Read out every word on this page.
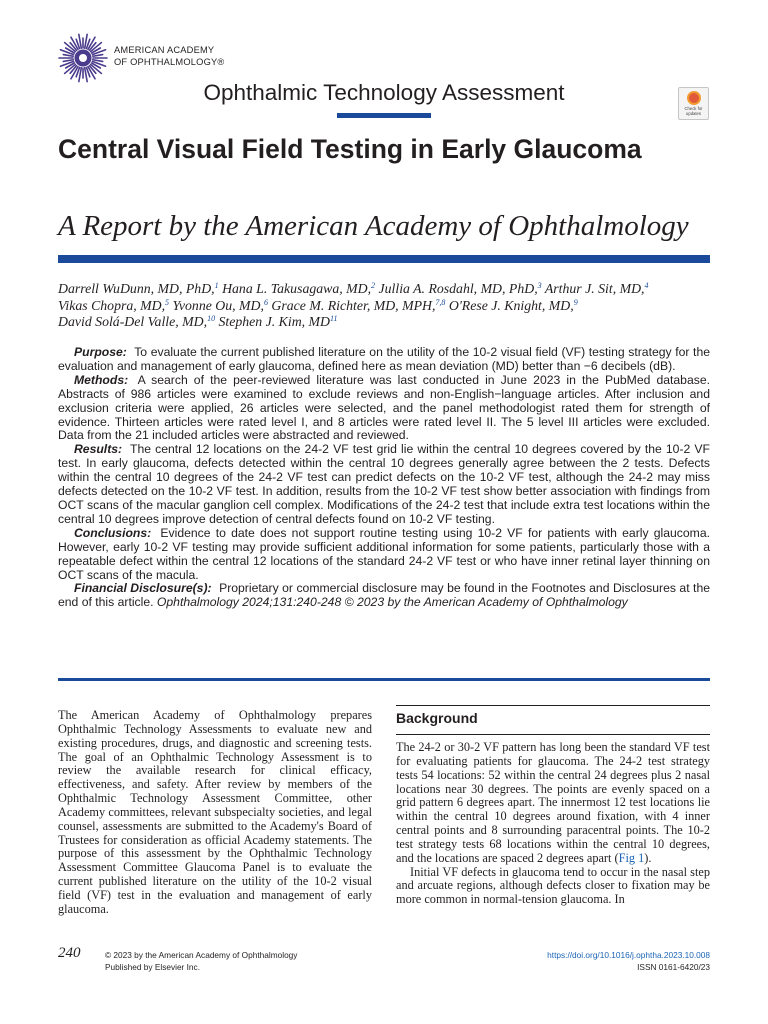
AMERICAN ACADEMY
OF OPHTHALMOLOGY®
Ophthalmic Technology Assessment
Check for updates
Central Visual Field Testing in Early Glaucoma
A Report by the American Academy of Ophthalmology
Darrell WuDunn, MD, PhD,$^1$ Hana L. Takusagawa, MD,$^2$ Jullia A. Rosdahl, MD, PhD,$^3$ Arthur J. Sit, MD,$^4$
Vikas Chopra, MD,$^5$ Yvonne Ou, MD,$^6$ Grace M. Richter, MD, MPH,$^{7,8}$ O'Rese J. Knight, MD,$^9$
David Solá-Del Valle, MD,$^{10}$ Stephen J. Kim, MD$^{11}$

Purpose: To evaluate the current published literature on the utility of the 10-2 visual field (VF) testing strategy for the evaluation and management of early glaucoma, defined here as mean deviation (MD) better than −6 decibels (dB).

Methods: A search of the peer-reviewed literature was last conducted in June 2023 in the PubMed database. Abstracts of 986 articles were examined to exclude reviews and non-English−language articles. After inclusion and exclusion criteria were applied, 26 articles were selected, and the panel methodologist rated them for strength of evidence. Thirteen articles were rated level I, and 8 articles were rated level II. The 5 level III articles were excluded. Data from the 21 included articles were abstracted and reviewed.

Results: The central 12 locations on the 24-2 VF test grid lie within the central 10 degrees covered by the 10-2 VF test. In early glaucoma, defects detected within the central 10 degrees generally agree between the 2 tests. Defects within the central 10 degrees of the 24-2 VF test can predict defects on the 10-2 VF test, although the 24-2 may miss defects detected on the 10-2 VF test. In addition, results from the 10-2 VF test show better association with findings from OCT scans of the macular ganglion cell complex. Modifications of the 24-2 test that include extra test locations within the central 10 degrees improve detection of central defects found on 10-2 VF testing.

Conclusions: Evidence to date does not support routine testing using 10-2 VF for patients with early glaucoma. However, early 10-2 VF testing may provide sufficient additional information for some patients, particularly those with a repeatable defect within the central 12 locations of the standard 24-2 VF test or who have inner retinal layer thinning on OCT scans of the macula.

Financial Disclosure(s): Proprietary or commercial disclosure may be found in the Footnotes and Disclosures at the end of this article. Ophthalmology 2024;131:240-248 © 2023 by the American Academy of Ophthalmology

The American Academy of Ophthalmology prepares Ophthalmic Technology Assessments to evaluate new and existing procedures, drugs, and diagnostic and screening tests. The goal of an Ophthalmic Technology Assessment is to review the available research for clinical efficacy, effectiveness, and safety. After review by members of the Ophthalmic Technology Assessment Committee, other Academy committees, relevant subspecialty societies, and legal counsel, assessments are submitted to the Academy's Board of Trustees for consideration as official Academy statements. The purpose of this assessment by the Ophthalmic Technology Assessment Committee Glaucoma Panel is to evaluate the current published literature on the utility of the 10-2 visual field (VF) test in the evaluation and management of early glaucoma.
Background

The 24-2 or 30-2 VF pattern has long been the standard VF test for evaluating patients for glaucoma. The 24-2 test strategy tests 54 locations: 52 within the central 24 degrees plus 2 nasal locations near 30 degrees. The points are evenly spaced on a grid pattern 6 degrees apart. The innermost 12 test locations lie within the central 10 degrees around fixation, with 4 inner central points and 8 surrounding paracentral points. The 10-2 test strategy tests 68 locations within the central 10 degrees, and the locations are spaced 2 degrees apart (Fig 1).

Initial VF defects in glaucoma tend to occur in the nasal step and arcuate regions, although defects closer to fixation may be more common in normal-tension glaucoma. In

240	© 2023 by the American Academy of Ophthalmology
Published by Elsevier Inc.
https://doi.org/10.1016/j.ophtha.2023.10.008
ISSN 0161-6420/23
